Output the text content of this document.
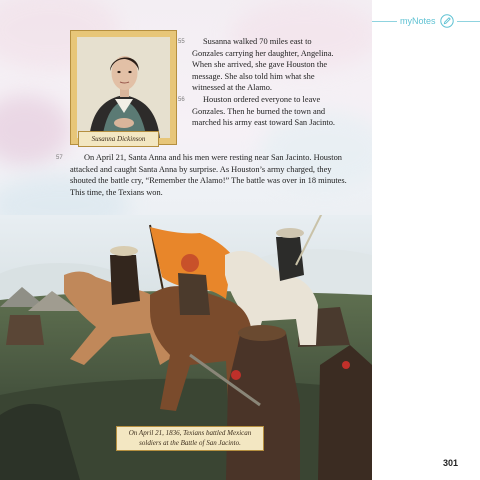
Susanna Dickinson
55	Susanna walked 70 miles east to Gonzales carrying her daughter, Angelina. When she arrived, she gave Houston the message. She also told him what she witnessed at the Alamo.

56	Houston ordered everyone to leave Gonzales. Then he burned the town and marched his army east toward San Jacinto.

57	On April 21, Santa Anna and his men were resting near San Jacinto. Houston attacked and caught Santa Anna by surprise. As Houston’s army charged, they shouted the battle cry, “Remember the Alamo!” The battle was over in 18 minutes. This time, the Texians won.

On April 21, 1836, Texians battled Mexican soldiers at the Battle of San Jacinto.
myNotes
301
